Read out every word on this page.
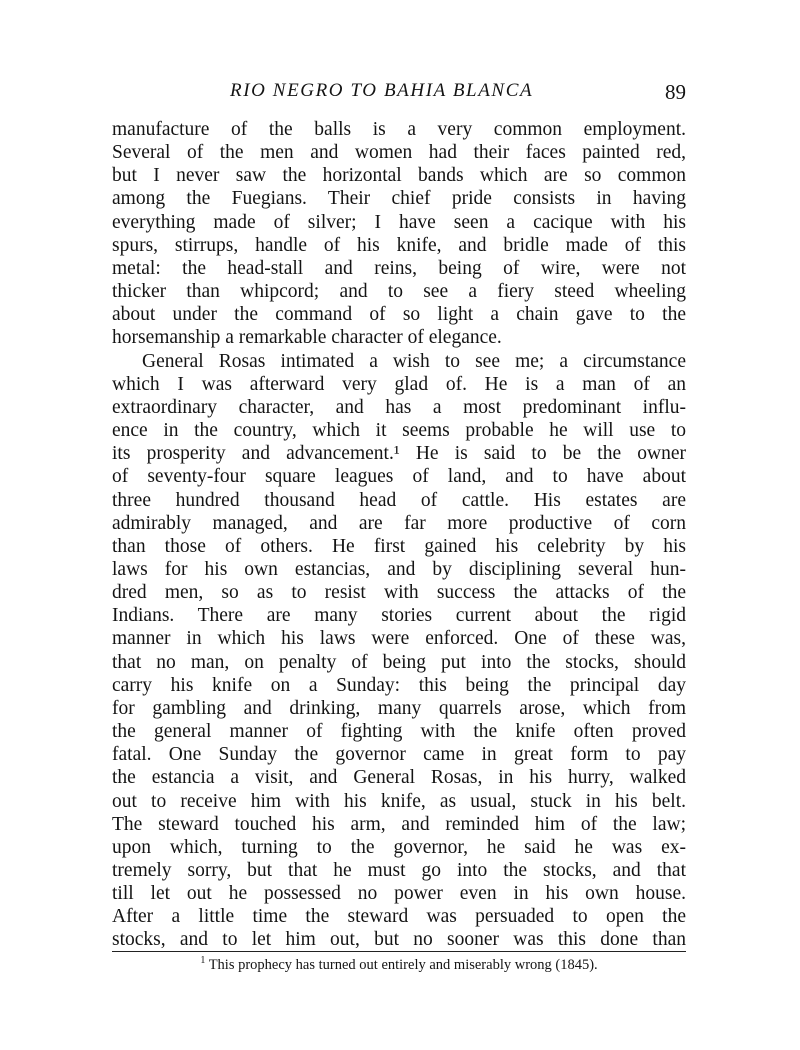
RIO NEGRO TO BAHIA BLANCA	89
manufacture of the balls is a very common employment.
Several of the men and women had their faces painted red,
but I never saw the horizontal bands which are so common
among the Fuegians. Their chief pride consists in having
everything made of silver; I have seen a cacique with his
spurs, stirrups, handle of his knife, and bridle made of this
metal: the head-stall and reins, being of wire, were not
thicker than whipcord; and to see a fiery steed wheeling
about under the command of so light a chain gave to the
horsemanship a remarkable character of elegance.
General Rosas intimated a wish to see me; a circumstance
which I was afterward very glad of. He is a man of an
extraordinary character, and has a most predominant influ-
ence in the country, which it seems probable he will use to
its prosperity and advancement.¹ He is said to be the owner
of seventy-four square leagues of land, and to have about
three hundred thousand head of cattle. His estates are
admirably managed, and are far more productive of corn
than those of others. He first gained his celebrity by his
laws for his own estancias, and by disciplining several hun-
dred men, so as to resist with success the attacks of the
Indians. There are many stories current about the rigid
manner in which his laws were enforced. One of these was,
that no man, on penalty of being put into the stocks, should
carry his knife on a Sunday: this being the principal day
for gambling and drinking, many quarrels arose, which from
the general manner of fighting with the knife often proved
fatal. One Sunday the governor came in great form to pay
the estancia a visit, and General Rosas, in his hurry, walked
out to receive him with his knife, as usual, stuck in his belt.
The steward touched his arm, and reminded him of the law;
upon which, turning to the governor, he said he was ex-
tremely sorry, but that he must go into the stocks, and that
till let out he possessed no power even in his own house.
After a little time the steward was persuaded to open the
stocks, and to let him out, but no sooner was this done than
$^1$ This prophecy has turned out entirely and miserably wrong (1845).
